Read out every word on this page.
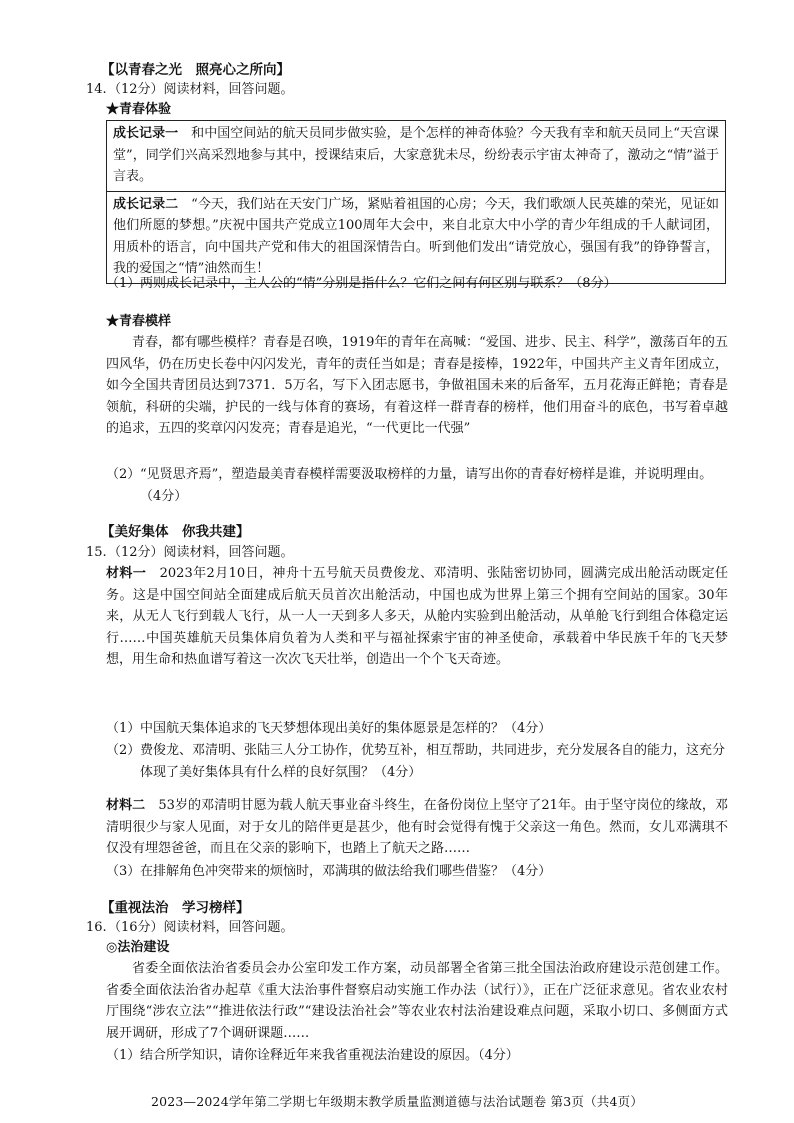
【以青春之光　照亮心之所向】
14.（12分）阅读材料，回答问题。
★青春体验
成长记录一　和中国空间站的航天员同步做实验，是个怎样的神奇体验？今天我有幸和航天员同上“天宫课堂”，同学们兴高采烈地参与其中，授课结束后，大家意犹未尽，纷纷表示宇宙太神奇了，激动之“情”溢于言表。
成长记录二　“今天，我们站在天安门广场，紧贴着祖国的心房；今天，我们歌颂人民英雄的荣光，见证如他们所愿的梦想。”庆祝中国共产党成立100周年大会中，来自北京大中小学的青少年组成的千人献词团，用质朴的语言，向中国共产党和伟大的祖国深情告白。听到他们发出“请党放心，强国有我”的铮铮誓言，我的爱国之“情”油然而生！
（1）两则成长记录中，主人公的“情”分别是指什么？它们之间有何区别与联系？（8分）
★青春模样
青春，都有哪些模样？青春是召唤，1919年的青年在高喊：“爱国、进步、民主、科学”，激荡百年的五四风华，仍在历史长卷中闪闪发光，青年的责任当如是；青春是接棒，1922年，中国共产主义青年团成立，如今全国共青团员达到7371．5万名，写下入团志愿书，争做祖国未来的后备军，五月花海正鲜艳；青春是领航，科研的尖端，护民的一线与体育的赛场，有着这样一群青春的榜样，他们用奋斗的底色，书写着卓越的追求，五四的奖章闪闪发亮；青春是追光，“一代更比一代强”
（2） “见贤思齐焉”，塑造最美青春模样需要汲取榜样的力量，请写出你的青春好榜样是谁，并说明理由。（4分）
【美好集体　你我共建】
15.（12分）阅读材料，回答问题。
材料一　2023年2月10日，神舟十五号航天员费俊龙、邓清明、张陆密切协同，圆满完成出舱活动既定任务。这是中国空间站全面建成后航天员首次出舱活动，中国也成为世界上第三个拥有空间站的国家。30年来，从无人飞行到载人飞行，从一人一天到多人多天，从舱内实验到出舱活动，从单舱飞行到组合体稳定运行……中国英雄航天员集体肩负着为人类和平与福祉探索宇宙的神圣使命，承载着中华民族千年的飞天梦想，用生命和热血谱写着这一次次飞天壮举，创造出一个个飞天奇迹。
（1）中国航天集体追求的飞天梦想体现出美好的集体愿景是怎样的？（4分）
（2） 费俊龙、邓清明、张陆三人分工协作，优势互补，相互帮助，共同进步，充分发展各自的能力，这充分体现了美好集体具有什么样的良好氛围？（4分）
材料二　53岁的邓清明甘愿为载人航天事业奋斗终生，在备份岗位上坚守了21年。由于坚守岗位的缘故，邓清明很少与家人见面，对于女儿的陪伴更是甚少，他有时会觉得有愧于父亲这一角色。然而，女儿邓满琪不仅没有埋怨爸爸，而且在父亲的影响下，也踏上了航天之路……
（3）在排解角色冲突带来的烦恼时，邓满琪的做法给我们哪些借鉴？（4分）
【重视法治　学习榜样】
16.（16分）阅读材料，回答问题。
◎法治建设
省委全面依法治省委员会办公室印发工作方案，动员部署全省第三批全国法治政府建设示范创建工作。省委全面依法治省办起草《重大法治事件督察启动实施工作办法（试行）》，正在广泛征求意见。省农业农村厅围绕“涉农立法”“推进依法行政”“建设法治社会”等农业农村法治建设难点问题，采取小切口、多侧面方式展开调研，形成了7个调研课题……
（1）结合所学知识，请你诠释近年来我省重视法治建设的原因。（4分）
2023—2024学年第二学期七年级期末教学质量监测道德与法治试题卷 第3页（共4页）
